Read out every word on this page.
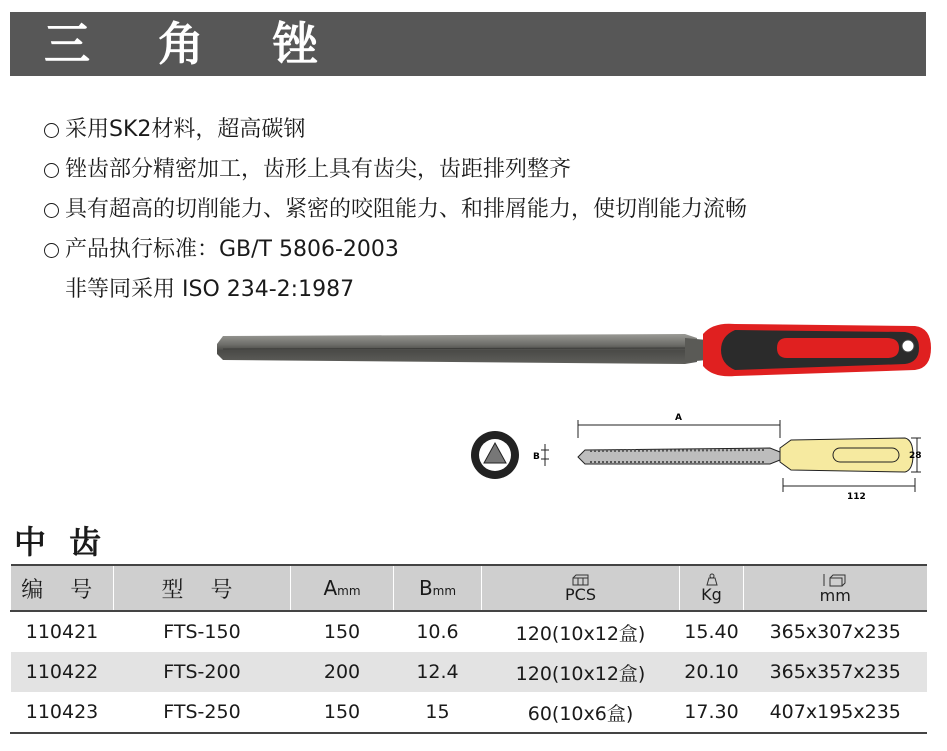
三 角 锉
采用SK2材料，超高碳钢
锉齿部分精密加工，齿形上具有齿尖，齿距排列整齐
具有超高的切削能力、紧密的咬阻能力、和排屑能力，使切削能力流畅
产品执行标准：GB/T 5806-2003
非等同采用 ISO 234-2:1987
B
A
28
112
中 齿
编 号	型 号	Amm	Bmm	PCS	Kg	mm

110421	FTS-150	150	10.6	120(10x12盒)	15.40	365x307x235
110422	FTS-200	200	12.4	120(10x12盒)	20.10	365x357x235
110423	FTS-250	150	15	60(10x6盒)	17.30	407x195x235
